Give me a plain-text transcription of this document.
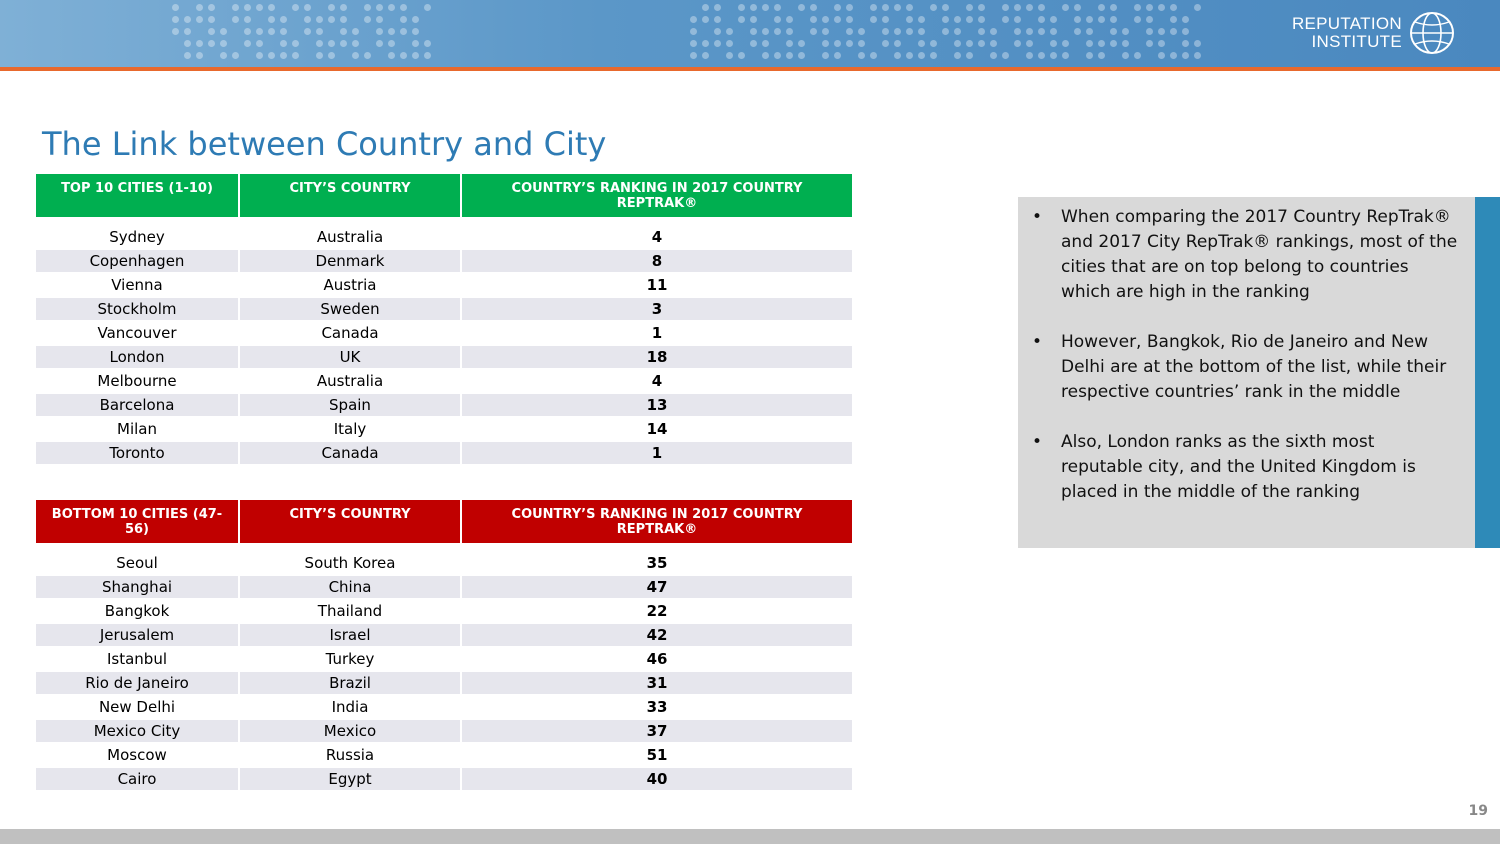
REPUTATION
INSTITUTE
The Link between Country and City
TOP 10 CITIES (1-10)	CITY’S COUNTRY	COUNTRY’S RANKING IN 2017 COUNTRY REPTRAK®
Sydney	Australia	4
Copenhagen	Denmark	8
Vienna	Austria	11
Stockholm	Sweden	3
Vancouver	Canada	1
London	UK	18
Melbourne	Australia	4
Barcelona	Spain	13
Milan	Italy	14
Toronto	Canada	1
BOTTOM 10 CITIES (47-56)	CITY’S COUNTRY	COUNTRY’S RANKING IN 2017 COUNTRY REPTRAK®
Seoul	South Korea	35
Shanghai	China	47
Bangkok	Thailand	22
Jerusalem	Israel	42
Istanbul	Turkey	46
Rio de Janeiro	Brazil	31
New Delhi	India	33
Mexico City	Mexico	37
Moscow	Russia	51
Cairo	Egypt	40
• When comparing the 2017 Country RepTrak® and 2017 City RepTrak® rankings, most of the cities that are on top belong to countries which are high in the ranking
• However, Bangkok, Rio de Janeiro and New Delhi are at the bottom of the list, while their respective countries’ rank in the middle
• Also, London ranks as the sixth most reputable city, and the United Kingdom is placed in the middle of the ranking
19
